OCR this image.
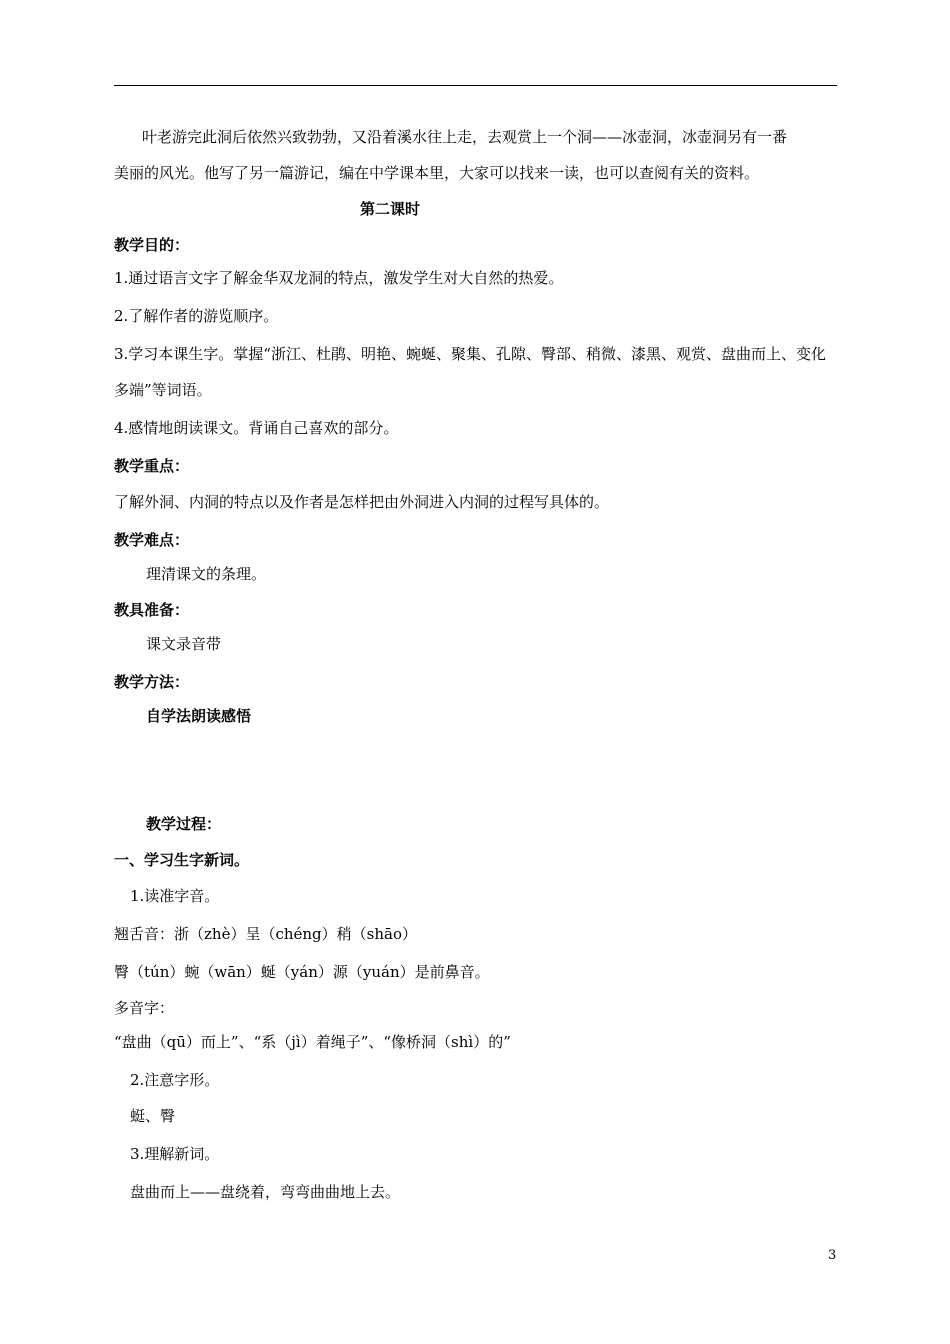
叶老游完此洞后依然兴致勃勃，又沿着溪水往上走，去观赏上一个洞——冰壶洞，冰壶洞另有一番
美丽的风光。他写了另一篇游记，编在中学课本里，大家可以找来一读，也可以查阅有关的资料。
第二课时
教学目的：
1.通过语言文字了解金华双龙洞的特点，激发学生对大自然的热爱。
2.了解作者的游览顺序。
3.学习本课生字。掌握“浙江、杜鹃、明艳、蜿蜒、聚集、孔隙、臀部、稍微、漆黑、观赏、盘曲而上、变化
多端”等词语。
4.感情地朗读课文。背诵自己喜欢的部分。
教学重点：
了解外洞、内洞的特点以及作者是怎样把由外洞进入内洞的过程写具体的。
教学难点：
理清课文的条理。
教具准备：
课文录音带
教学方法：
自学法朗读感悟
教学过程：
一、学习生字新词。
1.读准字音。
翘舌音：浙（zhè）呈（chéng）稍（shāo）
臀（tún）蜿（wān）蜒（yán）源（yuán）是前鼻音。
多音字：
“盘曲（qū）而上”、“系（jì）着绳子”、“像桥洞（shì）的”
2.注意字形。
蜓、臀
3.理解新词。
盘曲而上——盘绕着，弯弯曲曲地上去。
3
